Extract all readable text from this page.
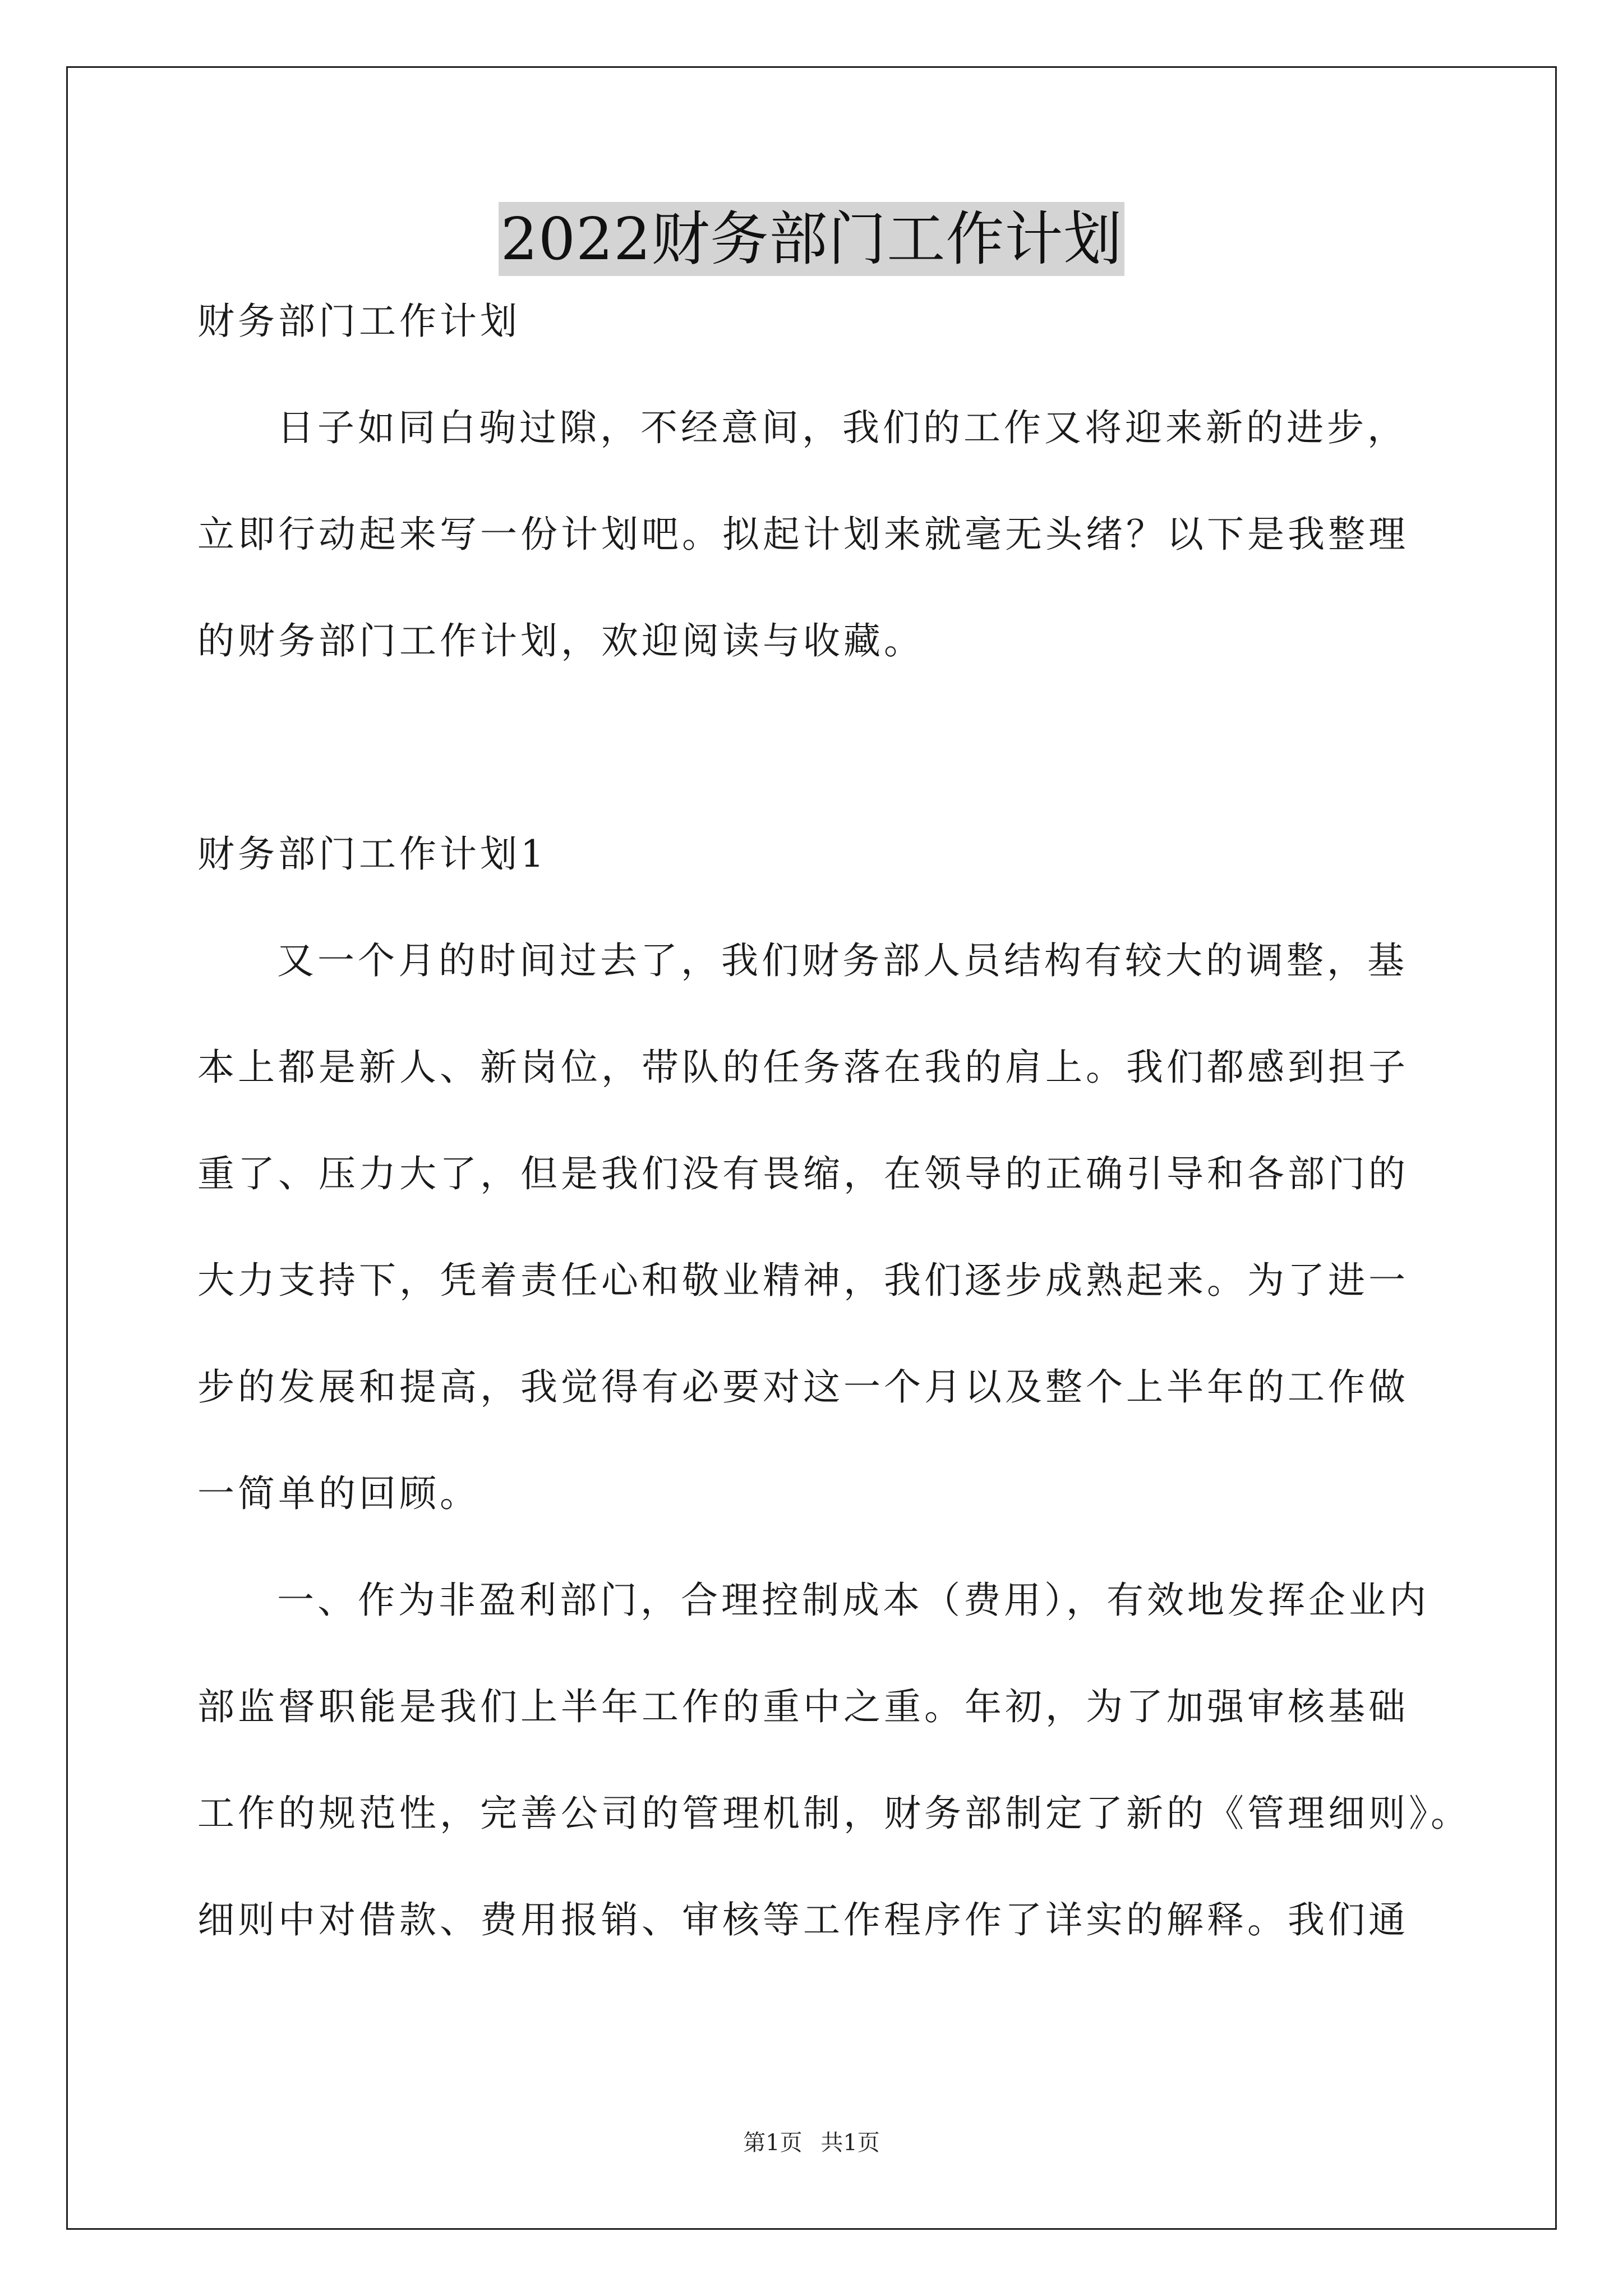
2022财务部门工作计划
财务部门工作计划
日子如同白驹过隙，不经意间，我们的工作又将迎来新的进步，
立即行动起来写一份计划吧。拟起计划来就毫无头绪？以下是我整理
的财务部门工作计划，欢迎阅读与收藏。
财务部门工作计划1
又一个月的时间过去了，我们财务部人员结构有较大的调整，基
本上都是新人、新岗位，带队的任务落在我的肩上。我们都感到担子
重了、压力大了，但是我们没有畏缩，在领导的正确引导和各部门的
大力支持下，凭着责任心和敬业精神，我们逐步成熟起来。为了进一
步的发展和提高，我觉得有必要对这一个月以及整个上半年的工作做
一简单的回顾。
一、作为非盈利部门，合理控制成本（费用），有效地发挥企业内
部监督职能是我们上半年工作的重中之重。年初，为了加强审核基础
工作的规范性，完善公司的管理机制，财务部制定了新的《管理细则》。
细则中对借款、费用报销、审核等工作程序作了详实的解释。我们通
第1页 共1页
